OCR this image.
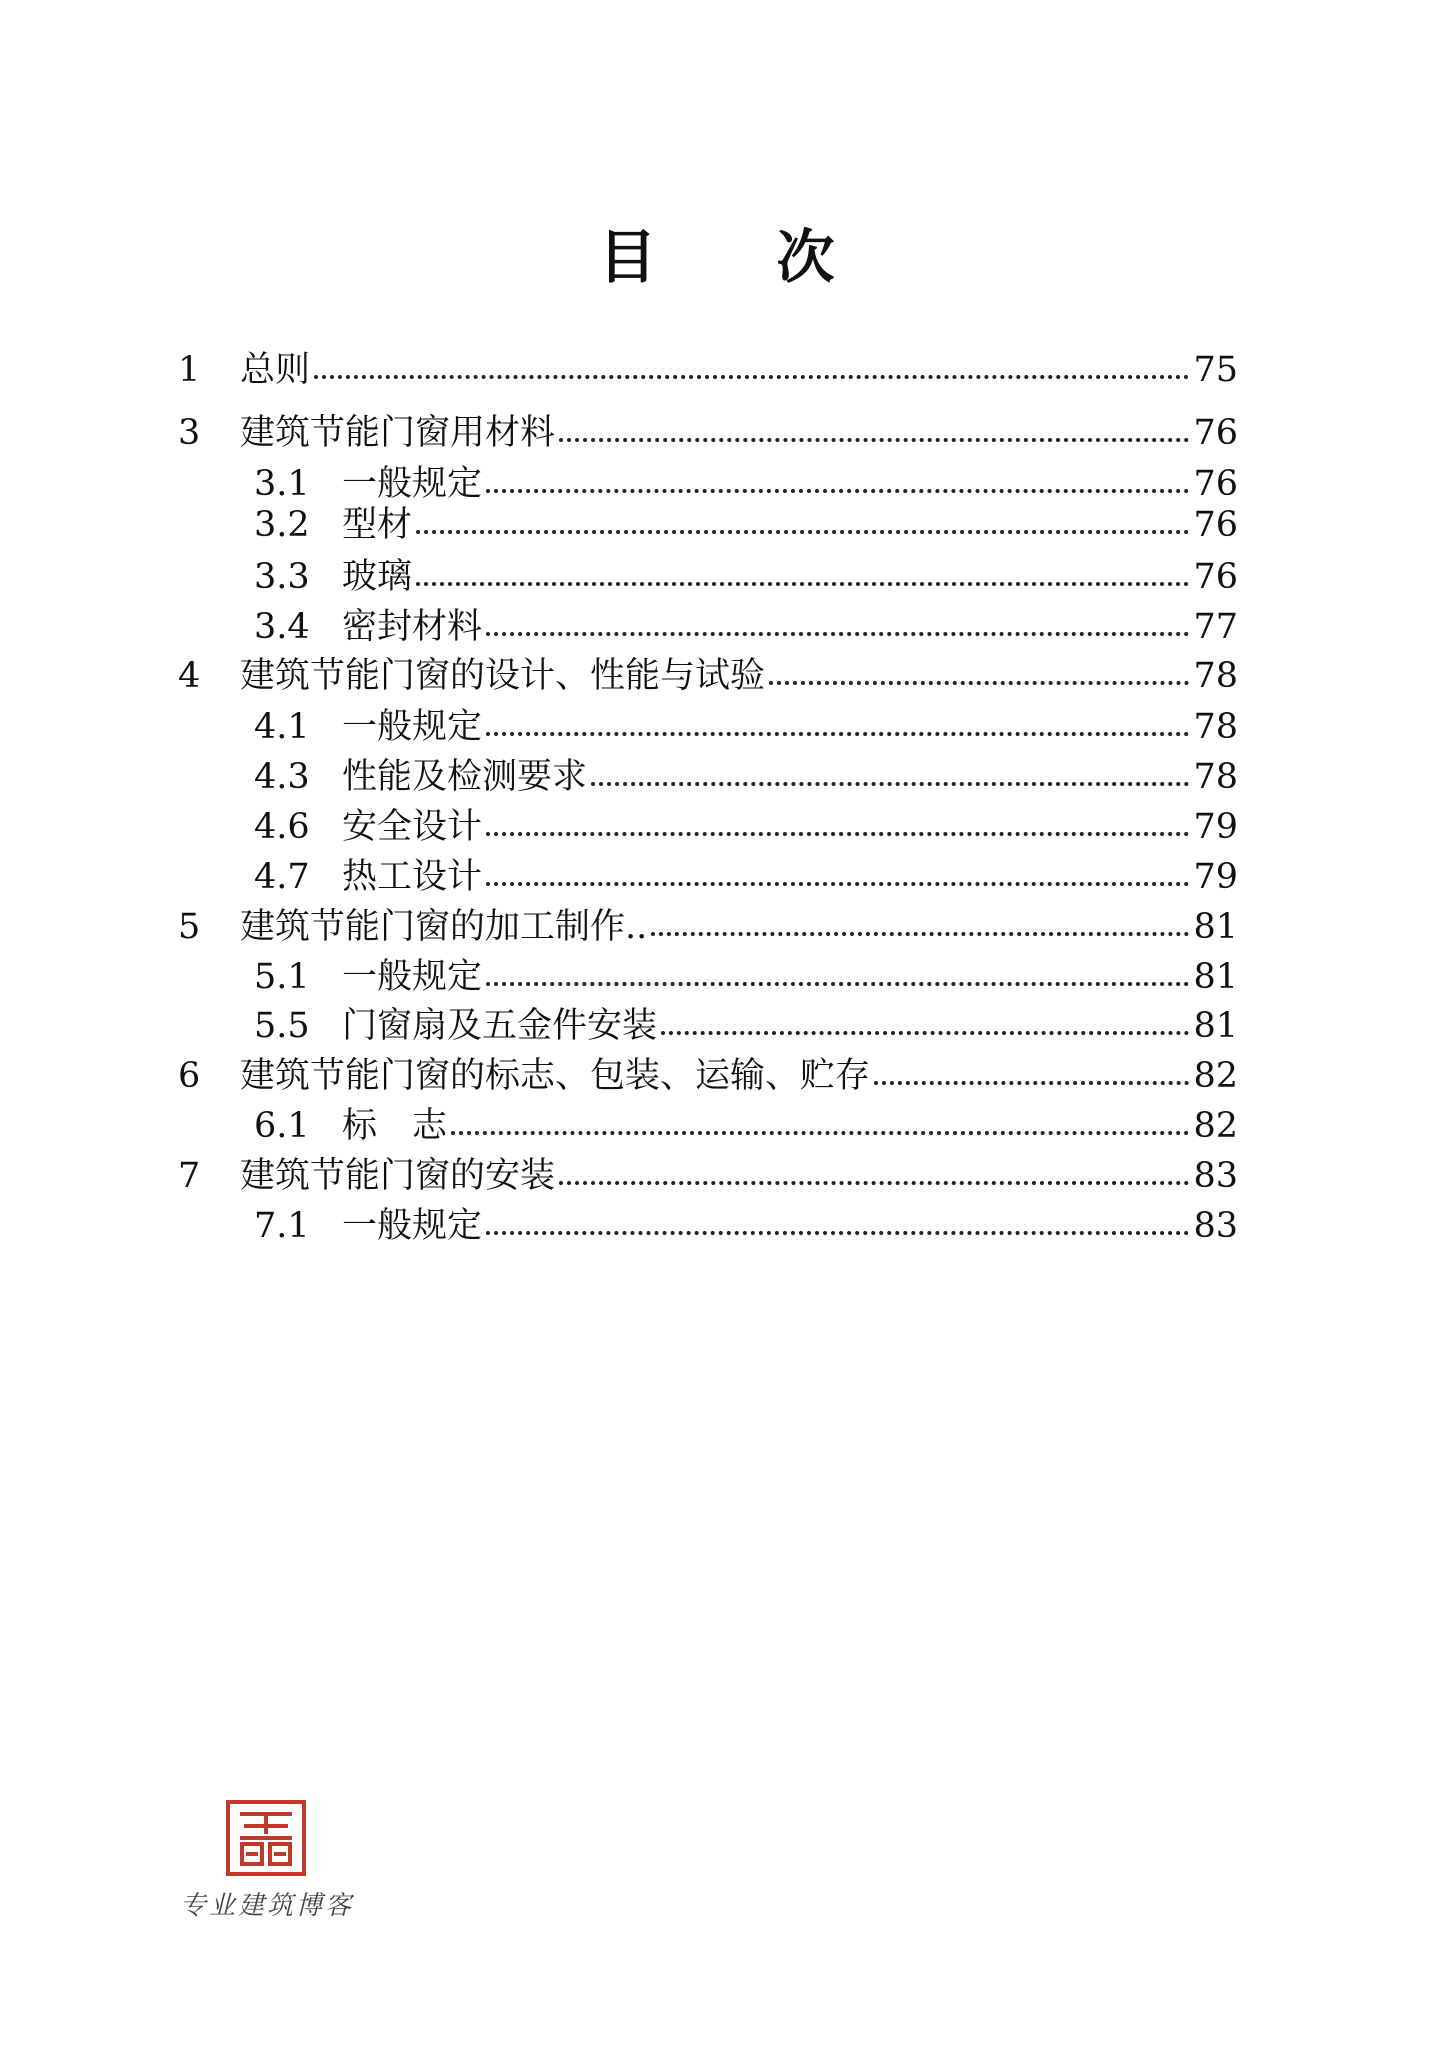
目 次
1	总则	75
3	建筑节能门窗用材料	76
3.1 一般规定	76
3.2 型材	76
3.3 玻璃	76
3.4 密封材料	77
4	建筑节能门窗的设计、性能与试验	78
4.1 一般规定	78
4.3 性能及检测要求	78
4.6 安全设计	79
4.7 热工设计	79
5	建筑节能门窗的加工制作..	81
5.1 一般规定	81
5.5 门窗扇及五金件安装	81
6	建筑节能门窗的标志、包装、运输、贮存	82
6.1 标　志	82
7	建筑节能门窗的安装	83
7.1 一般规定	83
专业建筑博客
